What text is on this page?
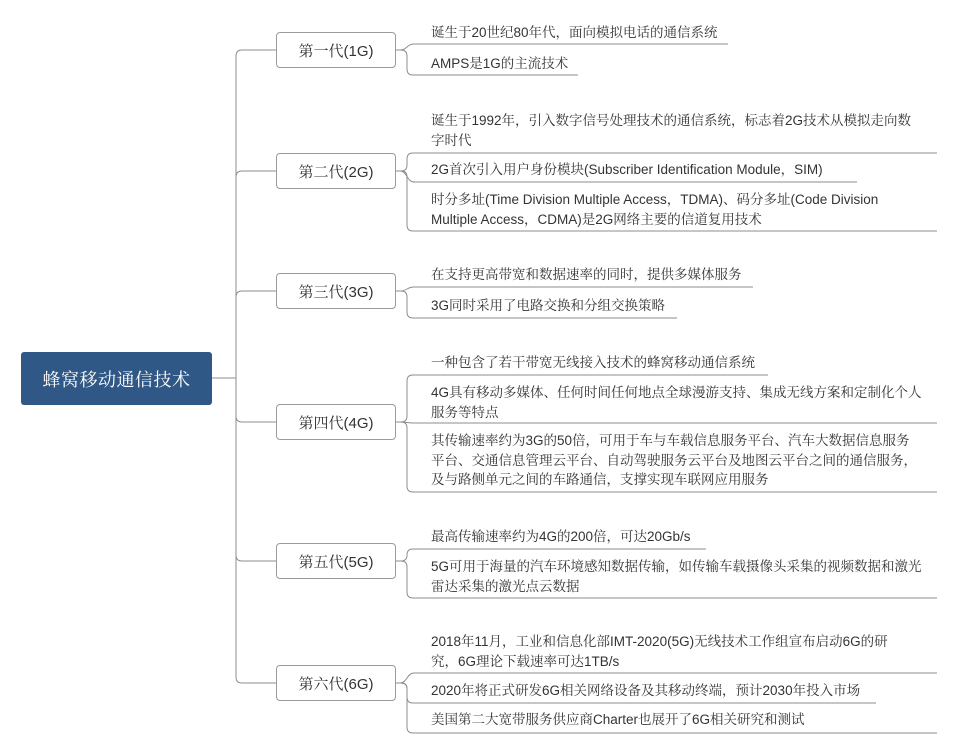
蜂窝移动通信技术
第一代(1G)
第二代(2G)
第三代(3G)
第四代(4G)
第五代(5G)
第六代(6G)
诞生于20世纪80年代，面向模拟电话的通信系统
AMPS是1G的主流技术
诞生于1992年，引入数字信号处理技术的通信系统，标志着2G技术从模拟走向数
字时代
2G首次引入用户身份模块(Subscriber Identification Module，SIM)
时分多址(Time Division Multiple Access，TDMA)、码分多址(Code Division
Multiple Access，CDMA)是2G网络主要的信道复用技术
在支持更高带宽和数据速率的同时，提供多媒体服务
3G同时采用了电路交换和分组交换策略
一种包含了若干带宽无线接入技术的蜂窝移动通信系统
4G具有移动多媒体、任何时间任何地点全球漫游支持、集成无线方案和定制化个人
服务等特点
其传输速率约为3G的50倍，可用于车与车载信息服务平台、汽车大数据信息服务
平台、交通信息管理云平台、自动驾驶服务云平台及地图云平台之间的通信服务，
及与路侧单元之间的车路通信，支撑实现车联网应用服务
最高传输速率约为4G的200倍，可达20Gb/s
5G可用于海量的汽车环境感知数据传输，如传输车载摄像头采集的视频数据和激光
雷达采集的激光点云数据
2018年11月，工业和信息化部IMT-2020(5G)无线技术工作组宣布启动6G的研
究，6G理论下载速率可达1TB/s
2020年将正式研发6G相关网络设备及其移动终端，预计2030年投入市场
美国第二大宽带服务供应商Charter也展开了6G相关研究和测试
